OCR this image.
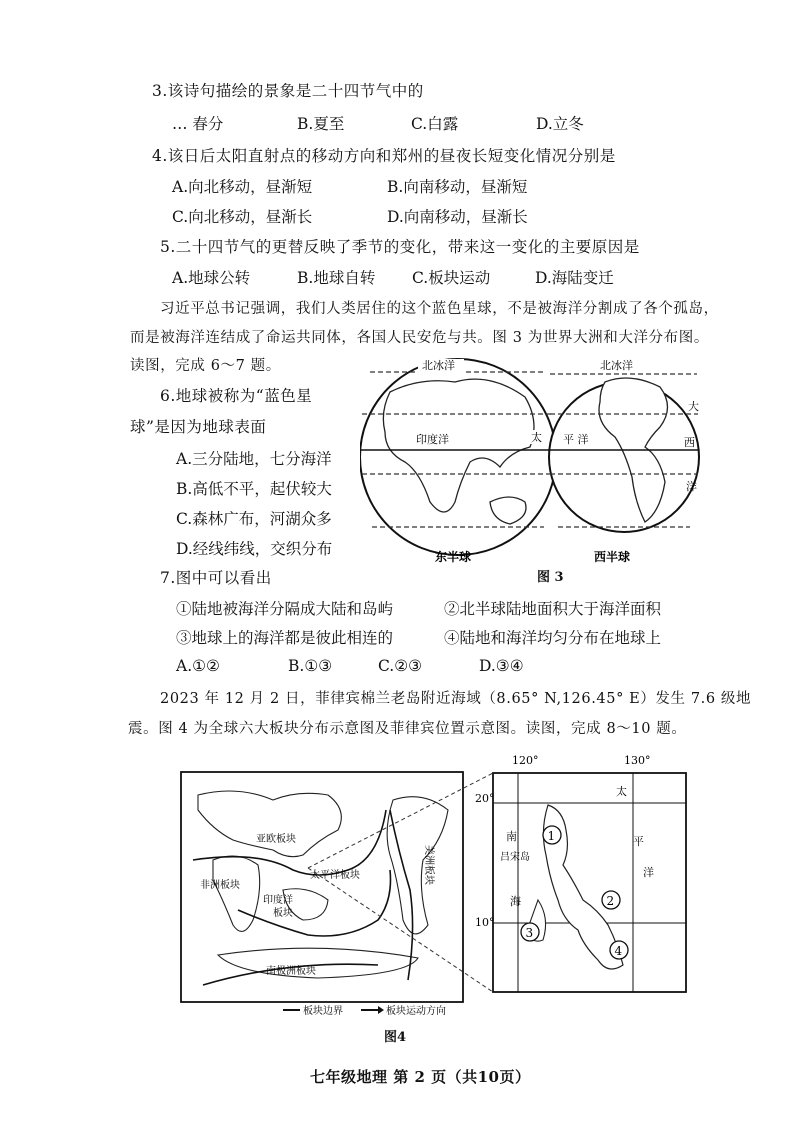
3.该诗句描绘的景象是二十四节气中的
… 春分	B.夏至	C.白露	D.立冬
4.该日后太阳直射点的移动方向和郑州的昼夜长短变化情况分别是
A.向北移动，昼渐短	B.向南移动，昼渐短
C.向北移动，昼渐长	D.向南移动，昼渐长
5.二十四节气的更替反映了季节的变化，带来这一变化的主要原因是
A.地球公转	B.地球自转 C.板块运动	D.海陆变迁
习近平总书记强调，我们人类居住的这个蓝色星球，不是被海洋分割成了各个孤岛，
而是被海洋连结成了命运共同体，各国人民安危与共。图 3 为世界大洲和大洋分布图。
读图，完成 6～7 题。
6.地球被称为“蓝色星
球”是因为地球表面
A.三分陆地，七分海洋
B.高低不平，起伏较大
C.森林广布，河湖众多
D.经线纬线，交织分布
北冰洋
印度洋	太
东半球
北冰洋
平 洋
大
西
洋
西半球
图 3
7.图中可以看出
①陆地被海洋分隔成大陆和岛屿	②北半球陆地面积大于海洋面积
③地球上的海洋都是彼此相连的	④陆地和海洋均匀分布在地球上
A.①②	B.①③	C.②③	D.③④
2023 年 12 月 2 日，菲律宾棉兰老岛附近海域（8.65° N,126.45° E）发生 7.6 级地
震。图 4 为全球六大板块分布示意图及菲律宾位置示意图。读图，完成 8～10 题。
亚欧板块
非洲板块
印度洋
板块
太平洋板块	美洲板块
南极洲板块
120°	130°
20°
10°
太
平
洋
南
海
吕宋岛
1
2
3
4
板块边界	板块运动方向
图4
七年级地理 第 2 页（共10页）
